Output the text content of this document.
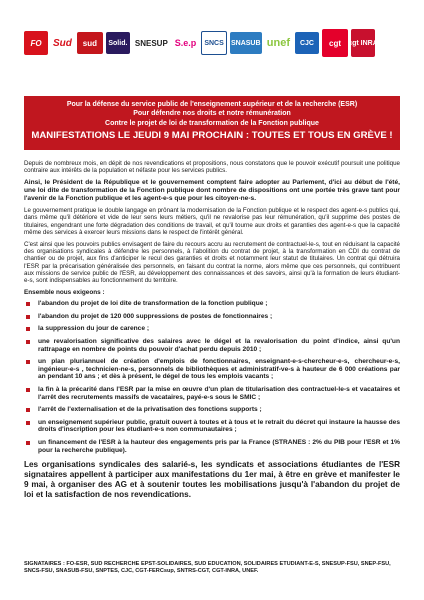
FO	Sud	sud	Solid. SNESUP S.e.p	SNCS	SNASUB unef	CJC	cgt	cgt INRA
Pour la défense du service public de l'enseignement supérieur et de la recherche (ESR)
Pour défendre nos droits et notre rémunération
Contre le projet de loi de transformation de la Fonction publique
MANIFESTATIONS LE JEUDI 9 MAI PROCHAIN : TOUTES ET TOUS EN GRÈVE !

Depuis de nombreux mois, en dépit de nos revendications et propositions, nous constatons que le pouvoir exécutif poursuit une politique contraire aux intérêts de la population et néfaste pour les services publics.

Ainsi, le Président de la République et le gouvernement comptent faire adopter au Parlement, d'ici au début de l'été, une loi dite de transformation de la Fonction publique dont nombre de dispositions ont une portée très grave tant pour l'avenir de la Fonction publique et les agent-e-s que pour les citoyen-ne-s.

Le gouvernement pratique le double langage en prônant la modernisation de la Fonction publique et le respect des agent-e-s publics qui, dans même qu'il détériore et vide de leur sens leurs métiers, qu'il ne revalorise pas leur rémunération, qu'il supprime des postes de titulaires, engendrant une forte dégradation des conditions de travail, et qu'il tourne aux droits et garanties des agent-e-s que la capacité même des services à exercer leurs missions dans le respect de l'intérêt général.

C'est ainsi que les pouvoirs publics envisagent de faire du recours accru au recrutement de contractuel-le-s, tout en réduisant la capacité des organisations syndicales à défendre les personnels, à l'abolition du contrat de projet, à la transformation en CDI du contrat de chantier ou de projet, aux fins d'anticiper le recul des garanties et droits et notamment leur statut de titulaires. Un contrat qui détruira l'ESR par la précarisation généralisée des personnels, en faisant du contrat la norme, alors même que ces personnels, qui contribuent aux missions de service public de l'ESR, au développement des connaissances et des savoirs, ainsi qu'à la formation de leurs étudiant-e-s, sont indispensables au fonctionnement du territoire.

Ensemble nous exigeons :
l'abandon du projet de loi dite de transformation de la fonction publique ;
l'abandon du projet de 120 000 suppressions de postes de fonctionnaires ;
la suppression du jour de carence ;
une revalorisation significative des salaires avec le dégel et la revalorisation du point d'indice, ainsi qu'un rattrapage en nombre de points du pouvoir d'achat perdu depuis 2010 ;
un plan pluriannuel de création d'emplois de fonctionnaires, enseignant-e-s-chercheur-e-s, chercheur-e-s, ingénieur-e-s , technicien-ne-s, personnels de bibliothèques et administratif-ve-s à hauteur de 6 000 créations par an pendant 10 ans ; et dès à présent, le dégel de tous les emplois vacants ;
la fin à la précarité dans l'ESR par la mise en œuvre d'un plan de titularisation des contractuel-le-s et vacataires et l'arrêt des recrutements massifs de vacataires, payé-e-s sous le SMIC ;
l'arrêt de l'externalisation et de la privatisation des fonctions supports ;
un enseignement supérieur public, gratuit ouvert à toutes et à tous et le retrait du décret qui instaure la hausse des droits d'inscription pour les étudiant-e-s non communautaires ;
un financement de l'ESR à la hauteur des engagements pris par la France (STRANES : 2% du PIB pour l'ESR et 1% pour la recherche publique).
Les organisations syndicales des salarié-s, les syndicats et associations étudiantes de l'ESR signataires appellent à participer aux manifestations du 1er mai, à être en grève et manifester le 9 mai, à organiser des AG et à soutenir toutes les mobilisations jusqu'à l'abandon du projet de loi et la satisfaction de nos revendications.
SIGNATAIRES : FO-ESR, SUD RECHERCHE EPST-SOLIDAIRES, SUD EDUCATION, SOLIDAIRES ETUDIANT-E-S, SNESUP-FSU, SNEP-FSU, SNCS-FSU, SNASUB-FSU, SNPTES, CJC, CGT-FERCsup, SNTRS-CGT, CGT-INRA, UNEF.
